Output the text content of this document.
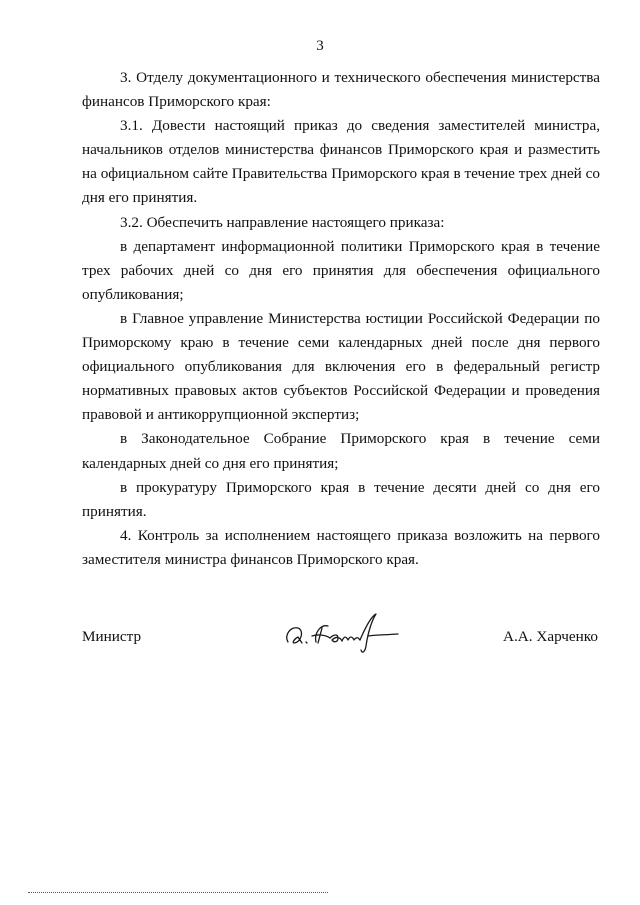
3

3. Отделу документационного и технического обеспечения министерства финансов Приморского края:

3.1. Довести настоящий приказ до сведения заместителей министра, начальников отделов министерства финансов Приморского края и разместить на официальном сайте Правительства Приморского края в течение трех дней со дня его принятия.

3.2. Обеспечить направление настоящего приказа:

в департамент информационной политики Приморского края в течение трех рабочих дней со дня его принятия для обеспечения официального опубликования;

в Главное управление Министерства юстиции Российской Федерации по Приморскому краю в течение семи календарных дней после дня первого официального опубликования для включения его в федеральный регистр нормативных правовых актов субъектов Российской Федерации и проведения правовой и антикоррупционной экспертиз;

в Законодательное Собрание Приморского края в течение семи календарных дней со дня его принятия;

в прокуратуру Приморского края в течение десяти дней со дня его принятия.

4. Контроль за исполнением настоящего приказа возложить на первого заместителя министра финансов Приморского края.

Министр	А.А. Харченко
